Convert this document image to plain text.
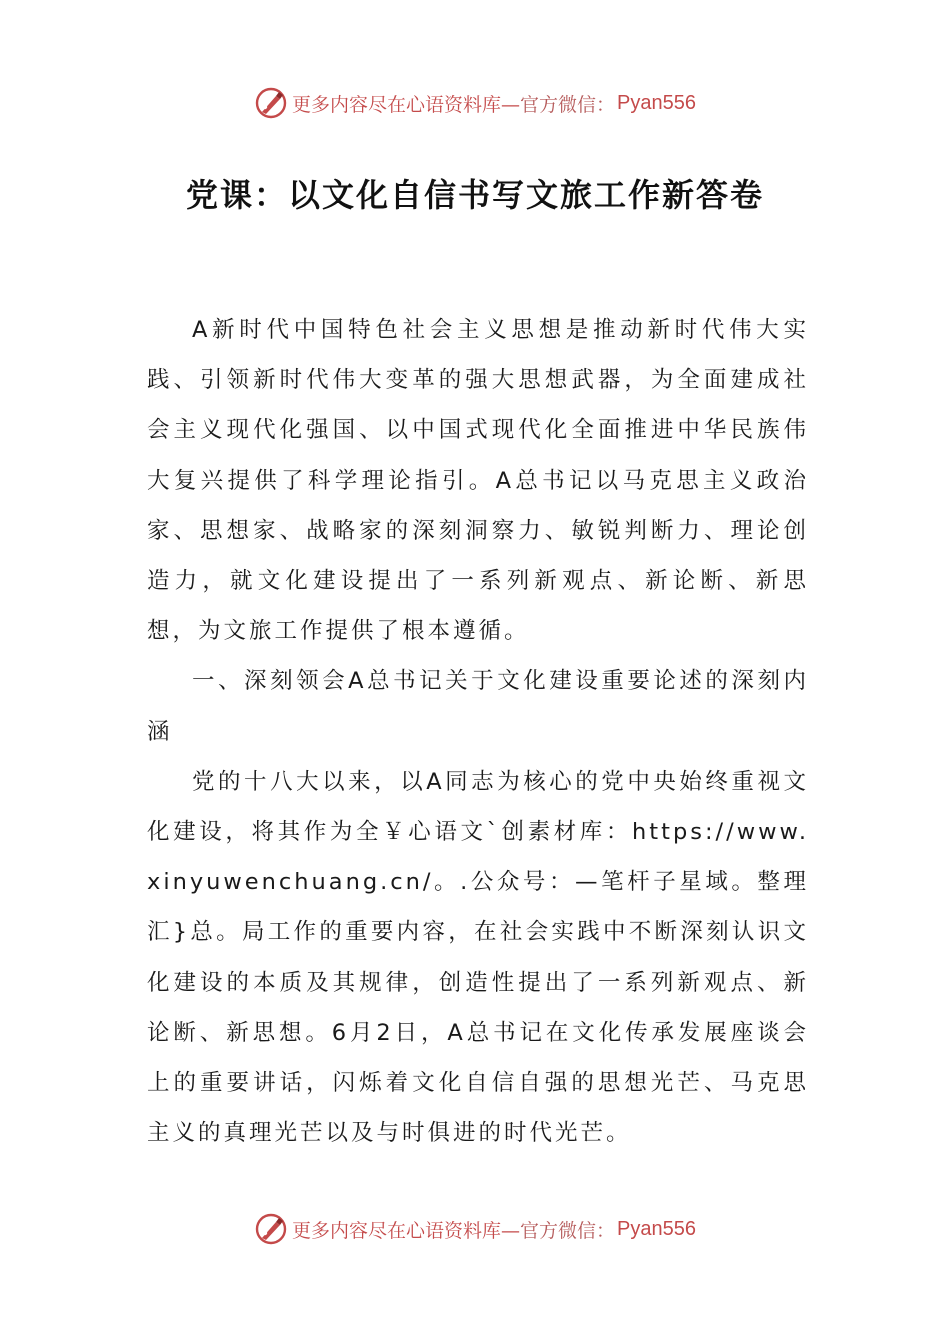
更多内容尽在心语资料库— 官方微信： Pyan556
党课：以文化自信书写文旅工作新答卷

A新时代中国特色社会主义思想是推动新时代伟大实践、引领新时代伟大变革的强大思想武器，为全面建成社会主义现代化强国、以中国式现代化全面推进中华民族伟大复兴提供了科学理论指引。A总书记以马克思主义政治家、思想家、战略家的深刻洞察力、敏锐判断力、理论创造力，就文化建设提出了一系列新观点、新论断、新思想，为文旅工作提供了根本遵循。

一、深刻领会A总书记关于文化建设重要论述的深刻内涵

党的十八大以来，以A同志为核心的党中央始终重视文化建设，将其作为全￥心语文`创素材库：https://www.xinyuwenchuang.cn/。.公众号：—笔杆子星域。整理汇}总。局工作的重要内容，在社会实践中不断深刻认识文化建设的本质及其规律，创造性提出了一系列新观点、新论断、新思想。6月2日，A总书记在文化传承发展座谈会上的重要讲话，闪烁着文化自信自强的思想光芒、马克思主义的真理光芒以及与时俱进的时代光芒。

更多内容尽在心语资料库— 官方微信： Pyan556
